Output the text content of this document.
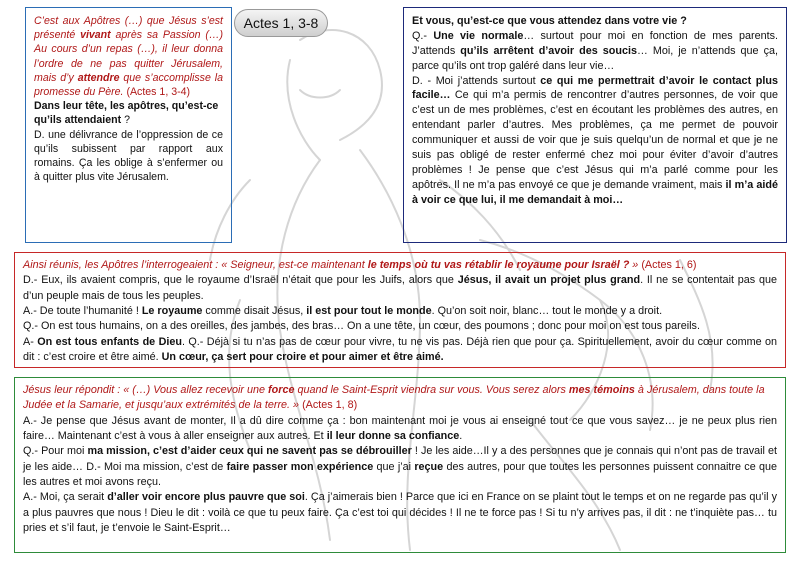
Actes 1, 3-8

C’est aux Apôtres (…) que Jésus s’est présenté vivant après sa Passion (…) Au cours d’un repas (…), il leur donna l’ordre de ne pas quitter Jérusalem, mais d’y attendre que s’accomplisse la promesse du Père. (Actes 1, 3-4)

Dans leur tête, les apôtres, qu’est-ce qu’ils attendaient ?

D. une délivrance de l’oppression de ce qu’ils subissent par rapport aux romains. Ça les oblige à s’enfermer ou à quitter plus vite Jérusalem.

Et vous, qu’est-ce que vous attendez dans votre vie ?

Q.- Une vie normale… surtout pour moi en fonction de mes parents. J’attends qu’ils arrêtent d’avoir des soucis… Moi, je n’attends que ça, parce qu’ils ont trop galéré dans leur vie…

D. - Moi j’attends surtout ce qui me permettrait d’avoir le contact plus facile… Ce qui m’a permis de rencontrer d’autres personnes, de voir que c’est un de mes problèmes, c’est en écoutant les problèmes des autres, en entendant parler d’autres. Mes problèmes, ça me permet de pouvoir communiquer et aussi de voir que je suis quelqu’un de normal et que je ne suis pas obligé de rester enfermé chez moi pour éviter d’avoir d’autres problèmes ! Je pense que c’est Jésus qui m’a parlé comme pour les apôtres. Il ne m’a pas envoyé ce que je demande vraiment, mais il m’a aidé à voir ce que lui, il me demandait à moi…

Ainsi réunis, les Apôtres l’interrogeaient : « Seigneur, est-ce maintenant le temps où tu vas rétablir le royaume pour Israël ? » (Actes 1, 6)

D.- Eux, ils avaient compris, que le royaume d’Israël n’était que pour les Juifs, alors que Jésus, il avait un projet plus grand. Il ne se contentait pas que d’un peuple mais de tous les peuples.

A.- De toute l’humanité ! Le royaume comme disait Jésus, il est pour tout le monde. Qu’on soit noir, blanc… tout le monde y a droit.

Q.- On est tous humains, on a des oreilles, des jambes, des bras… On a une tête, un cœur, des poumons ; donc pour moi on est tous pareils.

A- On est tous enfants de Dieu. Q.- Déjà si tu n’as pas de cœur pour vivre, tu ne vis pas. Déjà rien que pour ça. Spirituellement, avoir du cœur comme on dit : c’est croire et être aimé. Un cœur, ça sert pour croire et pour aimer et être aimé.

Jésus leur répondit : « (…) Vous allez recevoir une force quand le Saint-Esprit viendra sur vous. Vous serez alors mes témoins à Jérusalem, dans toute la Judée et la Samarie, et jusqu’aux extrémités de la terre. » (Actes 1, 8)

A.- Je pense que Jésus avant de monter, Il a dû dire comme ça : bon maintenant moi je vous ai enseigné tout ce que vous savez… je ne peux plus rien faire… Maintenant c’est à vous à aller enseigner aux autres. Et il leur donne sa confiance.

Q.- Pour moi ma mission, c’est d’aider ceux qui ne savent pas se débrouiller ! Je les aide…Il y a des personnes que je connais qui n’ont pas de travail et je les aide… D.- Moi ma mission, c’est de faire passer mon expérience que j’ai reçue des autres, pour que toutes les personnes puissent connaitre ce que les autres et moi avons reçu.

A.- Moi, ça serait d’aller voir encore plus pauvre que soi. Ça j’aimerais bien ! Parce que ici en France on se plaint tout le temps et on ne regarde pas qu’il y a plus pauvres que nous ! Dieu le dit : voilà ce que tu peux faire. Ça c’est toi qui décides ! Il ne te force pas ! Si tu n’y arrives pas, il dit : ne t’inquiète pas… tu pries et s’il faut, je t’envoie le Saint-Esprit…
